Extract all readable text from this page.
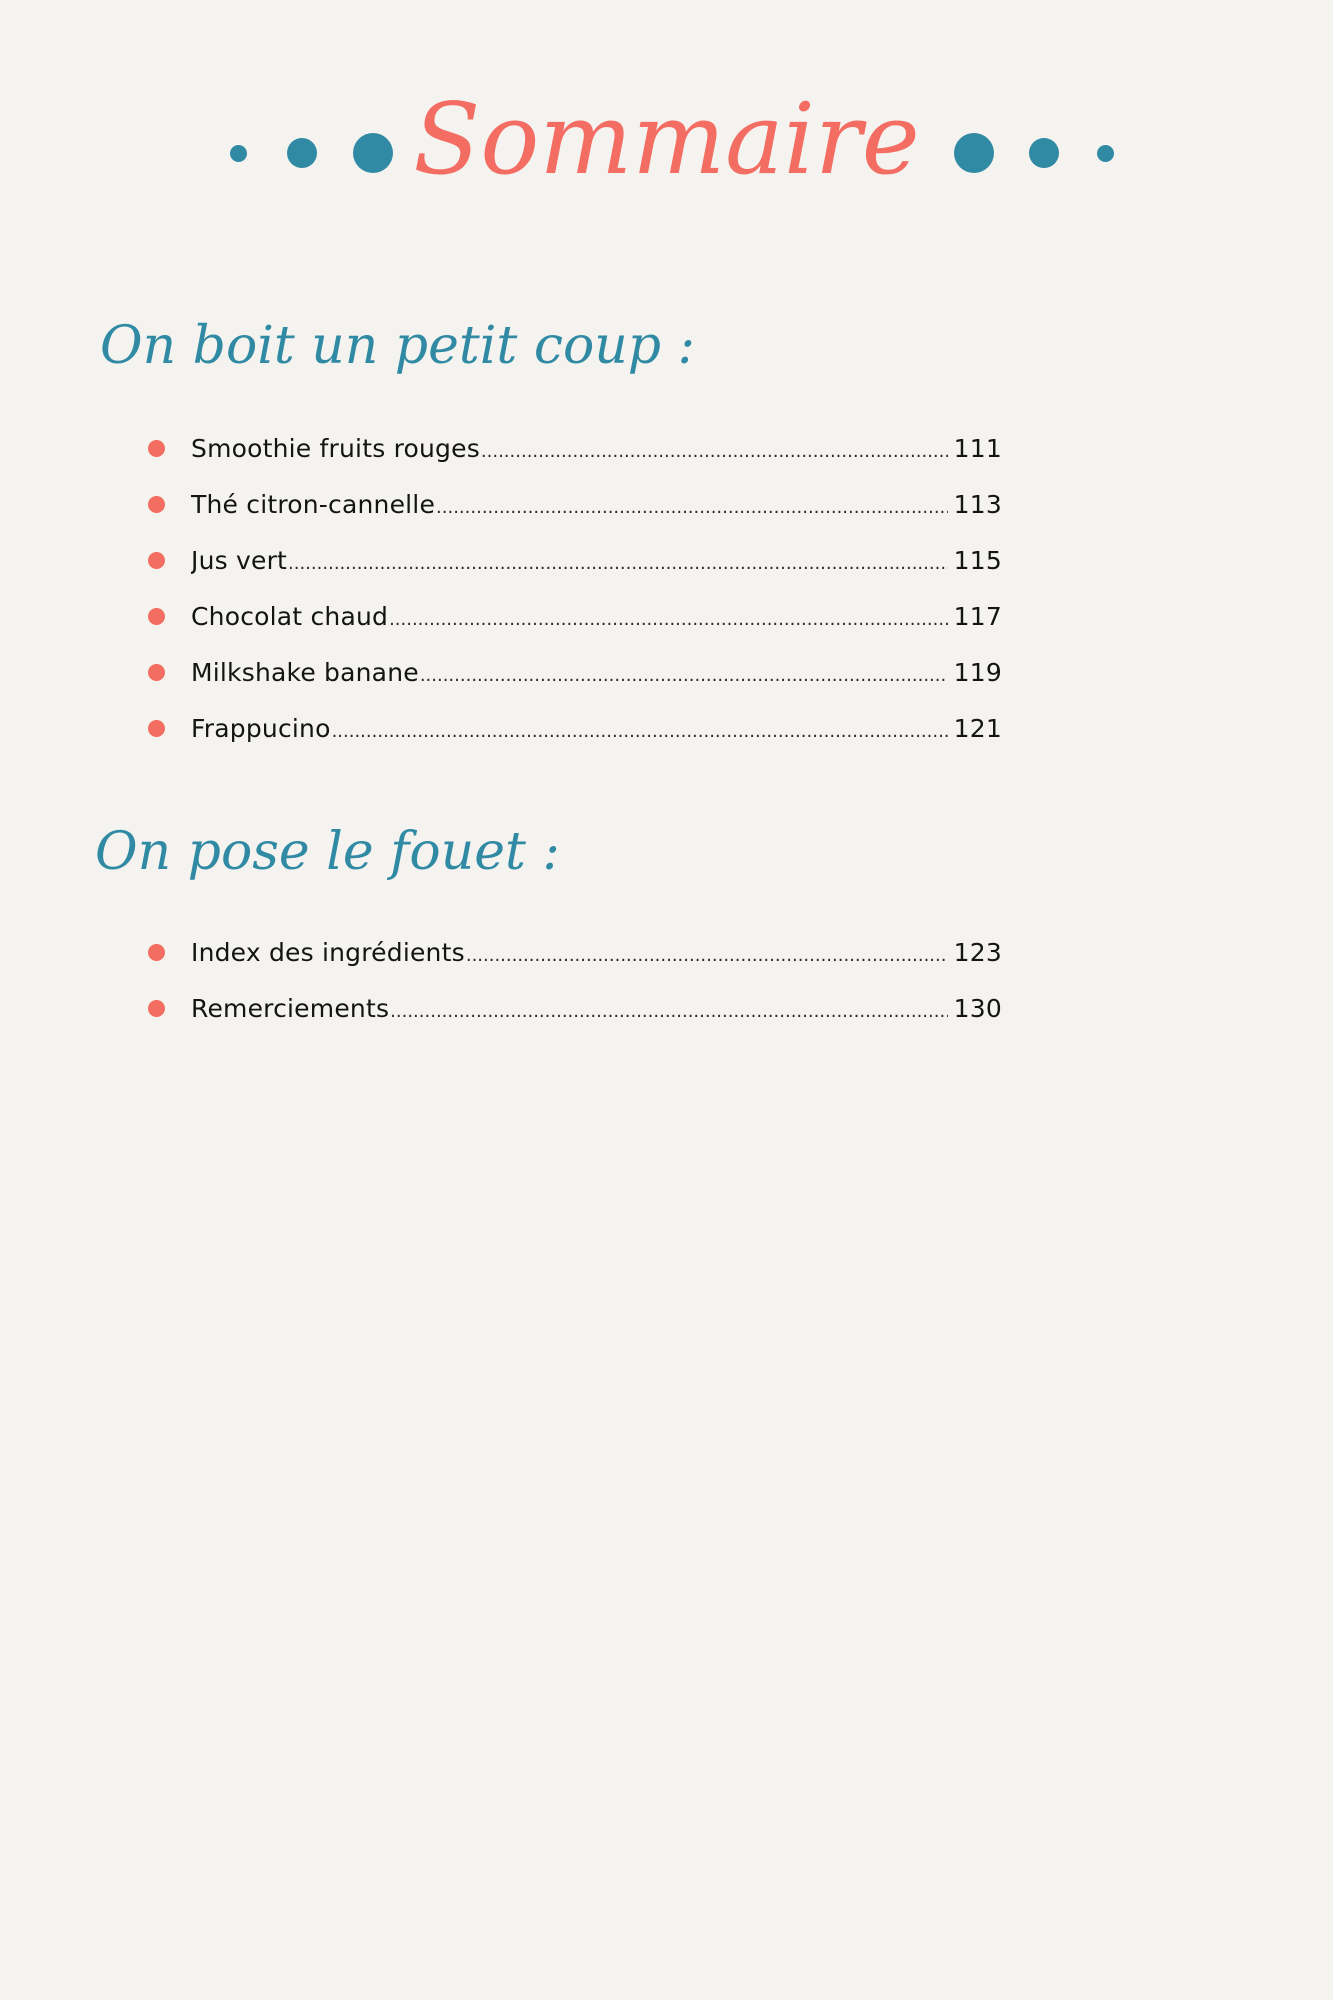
Sommaire
On boit un petit coup :
Smoothie fruits rouges .....	111
Thé citron-cannelle .....	113
Jus vert .....	115
Chocolat chaud .....	117
Milkshake banane .....	119
Frappucino .....	121
On pose le fouet :
Index des ingrédients .....	123
Remerciements .....	130
